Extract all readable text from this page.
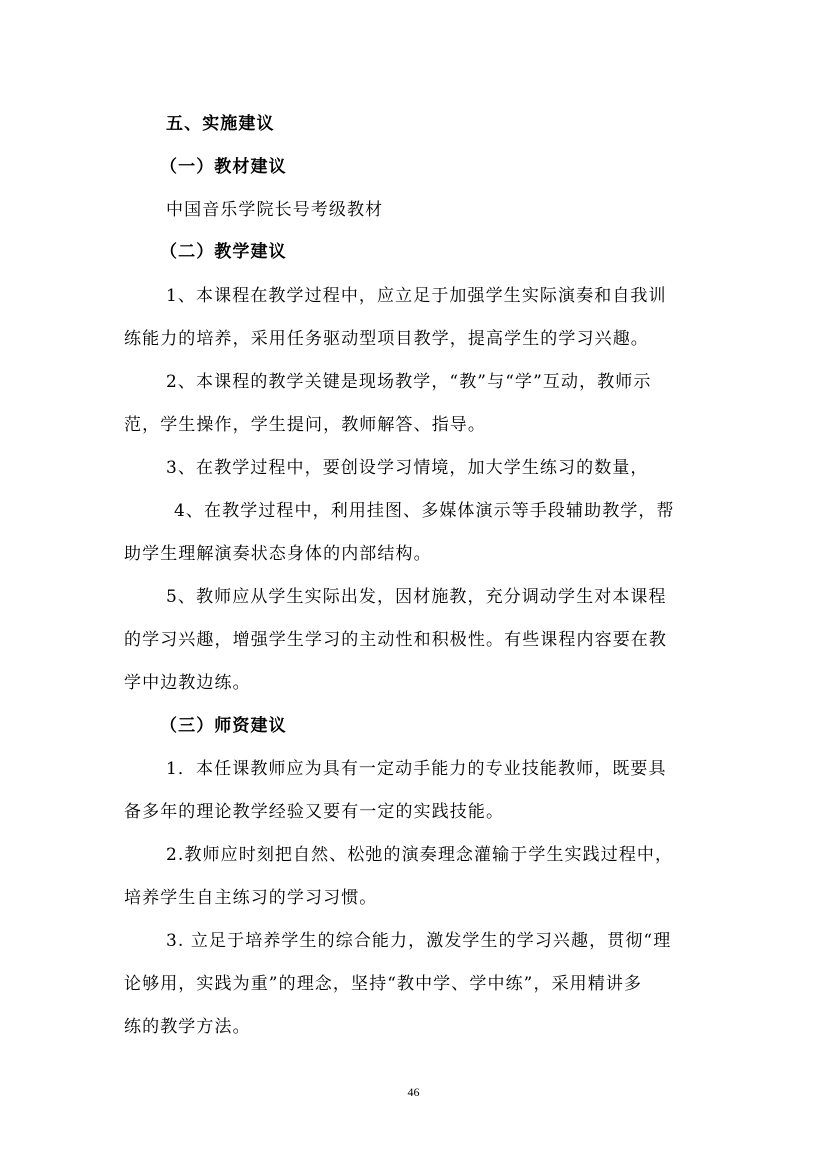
五、实施建议
（一）教材建议
中国音乐学院长号考级教材
（二）教学建议
1、本课程在教学过程中，应立足于加强学生实际演奏和自我训
练能力的培养，采用任务驱动型项目教学，提高学生的学习兴趣。
2、本课程的教学关键是现场教学，“教”与“学”互动，教师示
范，学生操作，学生提问，教师解答、指导。
3、在教学过程中，要创设学习情境，加大学生练习的数量，
4、在教学过程中，利用挂图、多媒体演示等手段辅助教学，帮
助学生理解演奏状态身体的内部结构。
5、教师应从学生实际出发，因材施教，充分调动学生对本课程
的学习兴趣，增强学生学习的主动性和积极性。有些课程内容要在教
学中边教边练。
（三）师资建议
1．本任课教师应为具有一定动手能力的专业技能教师，既要具
备多年的理论教学经验又要有一定的实践技能。
2.教师应时刻把自然、松弛的演奏理念灌输于学生实践过程中，
培养学生自主练习的学习习惯。
3. 立足于培养学生的综合能力，激发学生的学习兴趣，贯彻“理
论够用，实践为重”的理念，坚持“教中学、学中练”，采用精讲多
练的教学方法。
46
